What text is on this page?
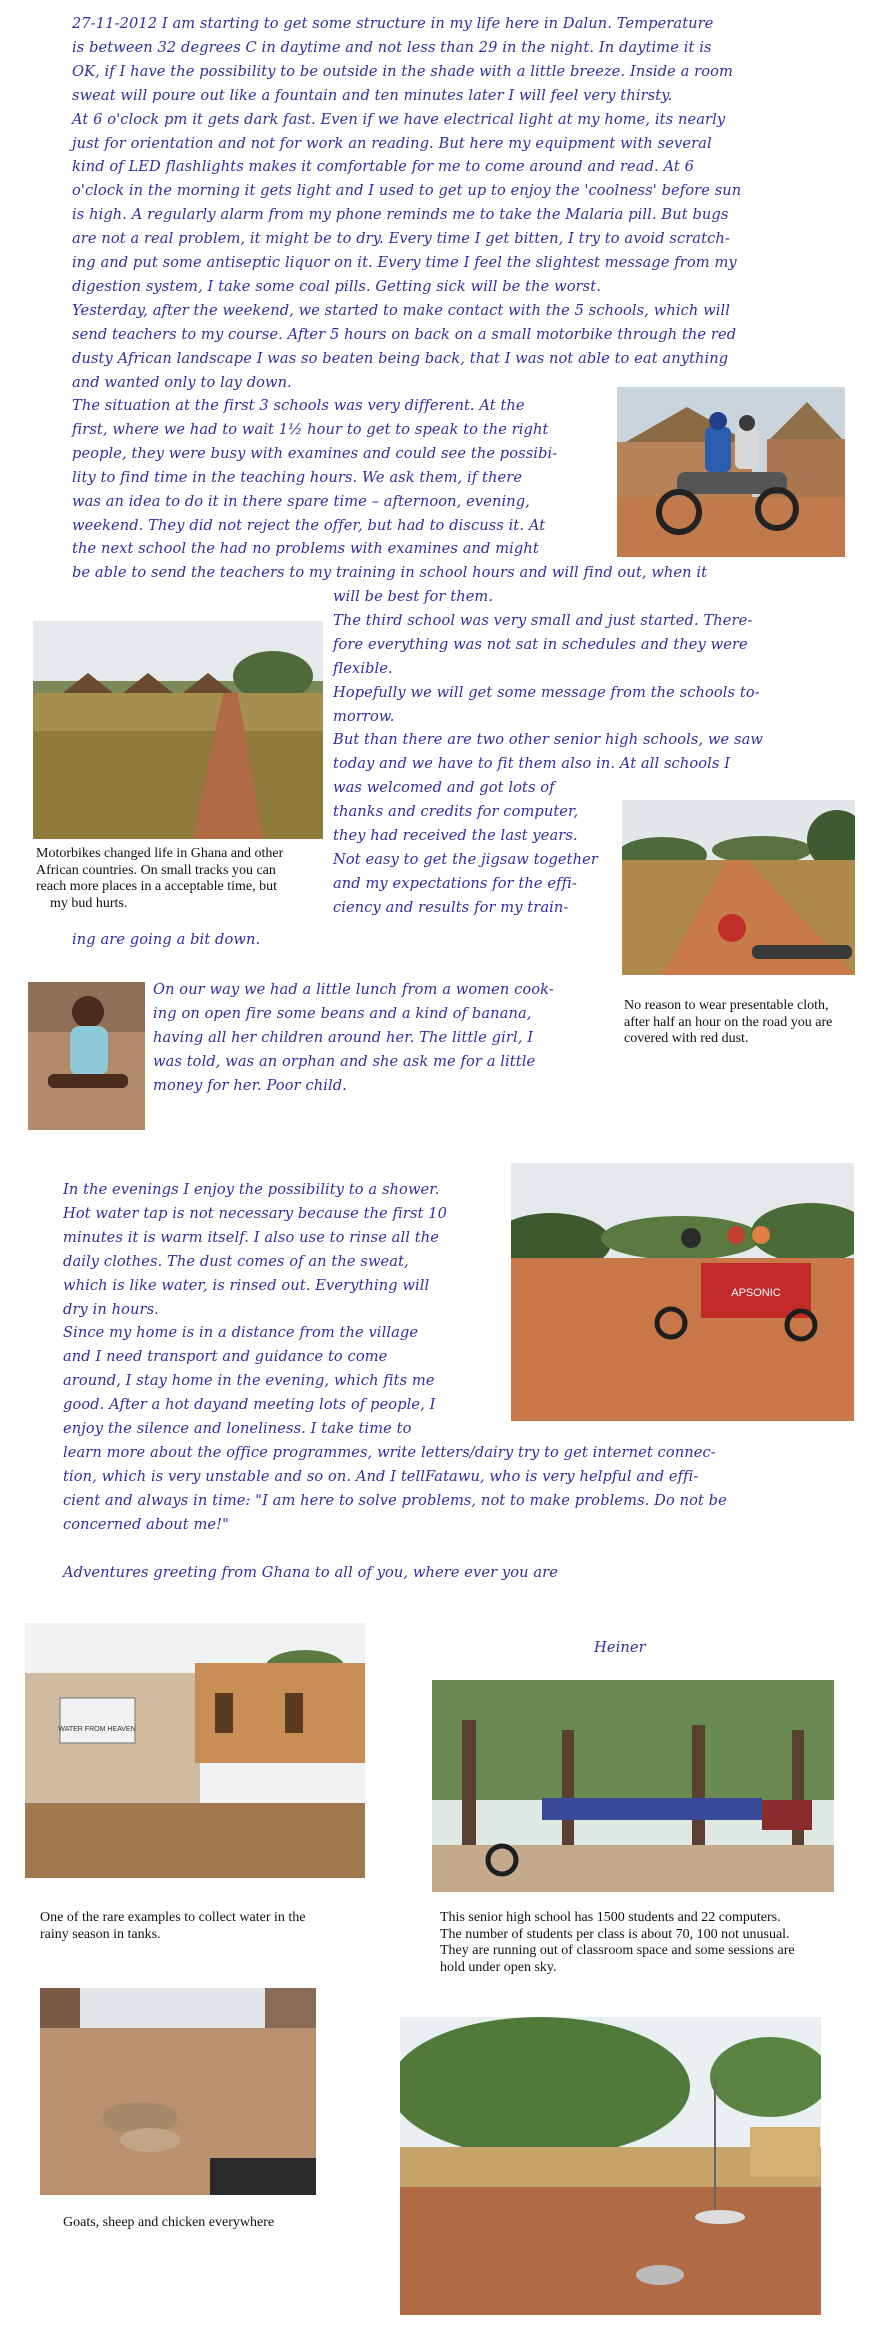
27-11-2012 I am starting to get some structure in my life here in Dalun. Temperature
is between 32 degrees C in daytime and not less than 29 in the night. In daytime it is
OK, if I have the possibility to be outside in the shade with a little breeze. Inside a room
sweat will poure out like a fountain and ten minutes later I will feel very thirsty.
At 6 o'clock pm it gets dark fast. Even if we have electrical light at my home, its nearly
just for orientation and not for work an reading. But here my equipment with several
kind of LED flashlights makes it comfortable for me to come around and read. At 6
o'clock in the morning it gets light and I used to get up to enjoy the 'coolness' before sun
is high. A regularly alarm from my phone reminds me to take the Malaria pill. But bugs
are not a real problem, it might be to dry. Every time I get bitten, I try to avoid scratch-
ing and put some antiseptic liquor on it. Every time I feel the slightest message from my
digestion system, I take some coal pills. Getting sick will be the worst.
Yesterday, after the weekend, we started to make contact with the 5 schools, which will
send teachers to my course. After 5 hours on back on a small motorbike through the red
dusty African landscape I was so beaten being back, that I was not able to eat anything
and wanted only to lay down.
The situation at the first 3 schools was very different. At the
first, where we had to wait 1½ hour to get to speak to the right
people, they were busy with examines and could see the possibi-
lity to find time in the teaching hours. We ask them, if there
was an idea to do it in there spare time – afternoon, evening,
weekend. They did not reject the offer, but had to discuss it. At
the next school the had no problems with examines and might
be able to send the teachers to my training in school hours and will find out, when it
will be best for them.
The third school was very small and just started. There-
fore everything was not sat in schedules and they were
flexible.
Hopefully we will get some message from the schools to-
morrow.
But than there are two other senior high schools, we saw
today and we have to fit them also in. At all schools I
was welcomed and got lots of
thanks and credits for computer,
they had received the last years.
Not easy to get the jigsaw together
and my expectations for the effi-
ciency and results for my train-
ing are going a bit down.
On our way we had a little lunch from a women cook-
ing on open fire some beans and a kind of banana,
having all her children around her. The little girl, I
was told, was an orphan and she ask me for a little
money for her. Poor child.
In the evenings I enjoy the possibility to a shower.
Hot water tap is not necessary because the first 10
minutes it is warm itself. I also use to rinse all the
daily clothes. The dust comes of an the sweat,
which is like water, is rinsed out. Everything will
dry in hours.
Since my home is in a distance from the village
and I need transport and guidance to come
around, I stay home in the evening, which fits me
good. After a hot dayand meeting lots of people, I
enjoy the silence and loneliness. I take time to
learn more about the office programmes, write letters/dairy try to get internet connec-
tion, which is very unstable and so on. And I tellFatawu, who is very helpful and effi-
cient and always in time: "I am here to solve problems, not to make problems. Do not be
concerned about me!"
Adventures greeting from Ghana to all of you, where ever you are
Heiner
Motorbikes changed life in Ghana and other
African countries. On small tracks you can
reach more places in a acceptable time, but
my bud hurts.
No reason to wear presentable cloth,
after half an hour on the road you are
covered with red dust.
One of the rare examples to collect water in the
rainy season in tanks.
This senior high school has 1500 students and 22 computers.
The number of students per class is about 70, 100 not unusual.
They are running out of classroom space and some sessions are
hold under open sky.
Goats, sheep and chicken everywhere
APSONIC
WATER FROM HEAVEN
